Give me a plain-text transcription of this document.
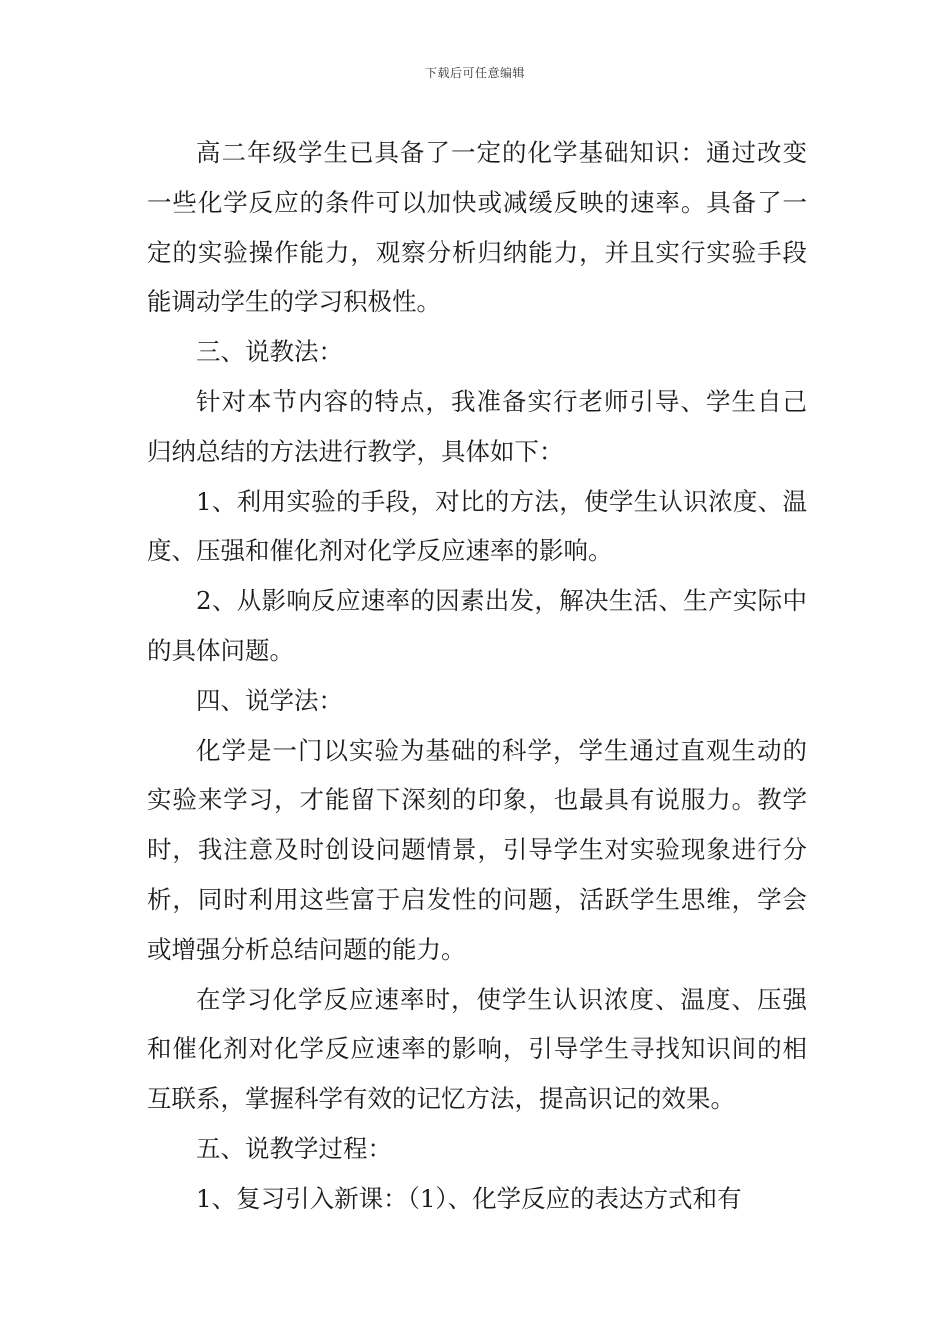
下载后可任意编辑

高二年级学生已具备了一定的化学基础知识：通过改变一些化学反应的条件可以加快或减缓反映的速率。具备了一定的实验操作能力，观察分析归纳能力，并且实行实验手段能调动学生的学习积极性。

三、说教法：

针对本节内容的特点，我准备实行老师引导、学生自己归纳总结的方法进行教学，具体如下：

1、利用实验的手段，对比的方法，使学生认识浓度、温度、压强和催化剂对化学反应速率的影响。

2、从影响反应速率的因素出发，解决生活、生产实际中的具体问题。

四、说学法：

化学是一门以实验为基础的科学，学生通过直观生动的实验来学习，才能留下深刻的印象，也最具有说服力。教学时，我注意及时创设问题情景，引导学生对实验现象进行分析，同时利用这些富于启发性的问题，活跃学生思维，学会或增强分析总结问题的能力。

在学习化学反应速率时，使学生认识浓度、温度、压强和催化剂对化学反应速率的影响，引导学生寻找知识间的相互联系，掌握科学有效的记忆方法，提高识记的效果。

五、说教学过程：

1、复习引入新课：（1）、化学反应的表达方式和有
